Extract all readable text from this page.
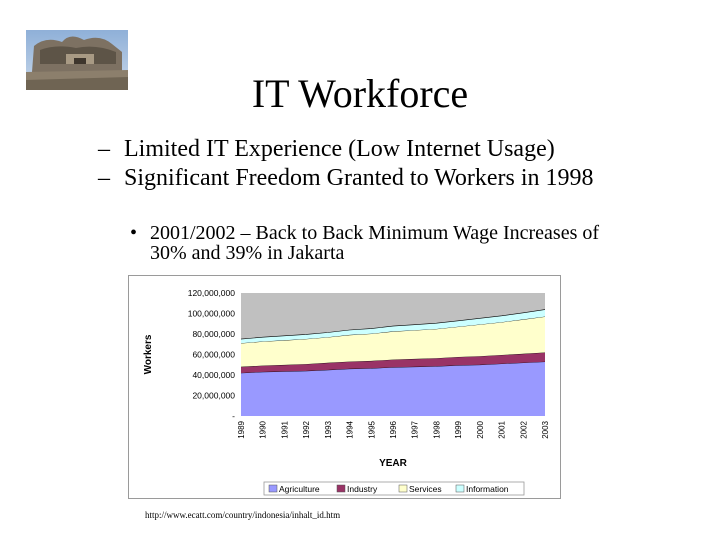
IT Workforce
– Limited IT Experience (Low Internet Usage)
– Significant Freedom Granted to Workers in 1998
• 2001/2002 – Back to Back Minimum Wage Increases of 30% and 39% in Jakarta
120,000,000
100,000,000
80,000,000
60,000,000
40,000,000
20,000,000
-
Workers
1989 1990 1991 1992 1993 1994 1995 1996 1997 1998 1999 2000 2001 2002 2003
YEAR
Agriculture	Industry	Services	Information
http://www.ecatt.com/country/indonesia/inhalt_id.htm
